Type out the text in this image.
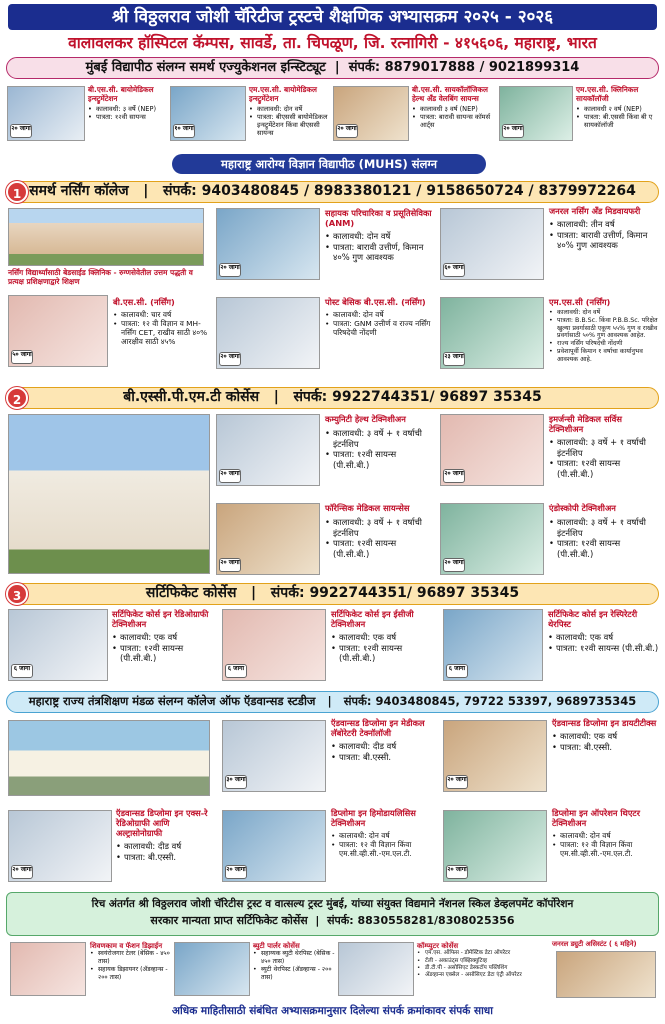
श्री विठ्ठलराव जोशी चॅरिटीज ट्रस्टचे शैक्षणिक अभ्यासक्रम २०२५ - २०२६
वालावलकर हॉस्पिटल कॅम्पस, सावर्डे, ता. चिपळूण, जि. रत्नागिरी - ४१५६०६, महाराष्ट्र, भारत
मुंबई विद्यापीठ संलग्न समर्थ एज्युकेशनल इन्स्टिट्यूट  |  संपर्क: 8879017888 / 9021899314
२० जागा
बी.एस.सी. बायोमेडिकल इन्स्ट्रुमेंटेशन
• कालावधी: ३ वर्षे (NEP)
• पात्रता: १२वी सायन्स
१० जागा
एम.एस.सी. बायोमेडिकल इन्स्ट्रुमेंटेशन
• कालावधी: दोन वर्षे
• पात्रता: बीएससी बायोमेडिकल इन्स्ट्रुमेंटेशन किंवा बीएससी सायन्स
२० जागा
बी.एस.सी. सायकॉलॉजिकल हेल्थ अँड वेलबिंग सायन्स
• कालावधी ३ वर्ष (NEP)
• पात्रता: बारावी सायन्स कॉमर्स आर्ट्स	२० जागा
एम.एस.सी. क्लिनिकल सायकॉलॉजी
• कालावधी २ वर्ष (NEP)
• पात्रता: बी.एससी किंवा बी ए सायकॉलॉजी
महाराष्ट्र आरोग्य विज्ञान विद्यापीठ (MUHS) संलग्न
समर्थ नर्सिंग कॉलेज   |   संपर्क: 9403480845 / 8983380121 / 9158650724 / 8379972264
1
नर्सिंग विद्यार्थ्यांसाठी बेडसाईड क्लिनिक - रुग्णसेवेतील उत्तम पद्धती व प्रत्यक्ष प्रशिक्षणाद्वारे शिक्षण
२० जागा
सहायक परिचारिका व प्रसूतिसेविका (ANM)
• कालावधी: दोन वर्षे
• पात्रता: बारावी उत्तीर्ण, किमान ४०% गुण आवश्यक
६० जागा
जनरल नर्सिंग अँड मिडवायफरी
• कालावधी: तीन वर्ष
• पात्रता: बारावी उत्तीर्ण, किमान ४०% गुण आवश्यक
५० जागा
बी.एस.सी. (नर्सिंग)
• कालावधी: चार वर्ष
• पात्रता: १२ वी विज्ञान व MH-नर्सिंग CET, राखीव साठी ४०% आरक्षीव साठी ४५%
२० जागा
पोस्ट बेसिक बी.एस.सी. (नर्सिंग)
• कालावधी: दोन वर्षे
• पात्रता: GNM उत्तीर्ण व राज्य नर्सिंग परिषदेची नोंदणी
२३ जागा
एम.एस.सी (नर्सिंग)
• कालावधी: दोन वर्षे
• पात्रता: B.B.Sc. किंवा P.B.B.Sc. परिक्षेत खुल्या प्रवर्गासाठी एकूण ५५% गुण व राखीव प्रवर्गासाठी ५०% गुण आवश्यक आहेत.
• राज्य नर्सिंग परिषदेची नोंदणी
• प्रवेशापूर्वी किमान १ वर्षाचा कार्यानुभव आवश्यक आहे.
बी.एस्सी.पी.एम.टी कोर्सेस   |   संपर्क: 9922744351/ 96897 35345
2
२० जागा
कम्युनिटी हेल्थ टेक्निशीअन
• कालावधी: ३ वर्षे + १ वर्षाची इंटर्नशिप
• पात्रता: १२वी सायन्स (पी.सी.बी.)
२० जागा
इमर्जन्सी मेडिकल सर्विस टेक्निशीअन
• कालावधी: ३ वर्षे + १ वर्षाची इंटर्नशिप
• पात्रता: १२वी सायन्स (पी.सी.बी.)
२० जागा
फॉरेन्सिक मेडिकल सायन्सेस
• कालावधी: ३ वर्षे + १ वर्षाची इंटर्नशिप
• पात्रता: १२वी सायन्स (पी.सी.बी.)
२० जागा
एंडोस्कोपी टेक्निशीअन
• कालावधी: ३ वर्षे + १ वर्षाची इंटर्नशिप
• पात्रता: १२वी सायन्स (पी.सी.बी.)
सर्टिफिकेट कोर्सेस   |   संपर्क: 9922744351/ 96897 35345
3
६ जागा
सर्टिफिकेट कोर्स इन रेडिओग्राफी टेक्निशीअन
• कालावधी: एक वर्ष
• पात्रता: १२वी सायन्स (पी.सी.बी.)
६ जागा
सर्टिफिकेट कोर्स इन ईसीजी टेक्निशीअन
• कालावधी: एक वर्ष
• पात्रता: १२वी सायन्स (पी.सी.बी.)
६ जागा
सर्टिफिकेट कोर्स इन रेस्पिरेटरी थेरपिस्ट
• कालावधी: एक वर्ष
• पात्रता: १२वी सायन्स (पी.सी.बी.)
महाराष्ट्र राज्य तंत्रशिक्षण मंडळ संलग्न कॉलेज ऑफ ऍडवान्सड स्टडीज   |   संपर्क: 9403480845, 79722 53397, 9689735345
३० जागा
ऍडवान्सड डिप्लोमा इन मेडीकल लॅबोरेटरी टेक्नॉलॉजी
• कालावधी: दीड वर्ष
• पात्रता: बी.एस्सी.
२० जागा
ऍडवान्सड डिप्लोमा इन डायटीटीक्स
• कालावधी: एक वर्ष
• पात्रता: बी.एस्सी.
२० जागा
ऍडवान्सड डिप्लोमा इन एक्स-रे रेडिओग्राफी आणि अल्ट्रासोनोग्राफी
• कालावधी: दीड वर्ष
• पात्रता: बी.एस्सी.
२० जागा
डिप्लोमा इन हिमोडायलिसिस टेक्निशीअन
• कालावधी: दोन वर्ष
• पात्रता: १२ वी विज्ञान किंवा एम.सी.व्ही.सी.-एम.एल.टी.
२० जागा
डिप्लोमा इन ऑपरेशन थिएटर टेक्निशीअन
• कालावधी: दोन वर्ष
• पात्रता: १२ वी विज्ञान किंवा एम.सी.व्ही.सी.-एम.एल.टी.
रिच अंतर्गत श्री विठ्ठलराव जोशी चॅरिटीस ट्रस्ट व वात्सल्य ट्रस्ट मुंबई, यांच्या संयुक्त विद्यमाने नॅशनल स्किल डेव्हलपमेंट कॉर्पोरेशन
सरकार मान्यता प्राप्त सर्टिफिकेट कोर्सेस  |  संपर्क: 8830558281/8308025356
शिवणकाम व फॅशन डिझाईन
• स्वयंरोजगार टेलर (बेसिक - ४५० तास)
• सहायक डिझायनर (ॲडव्हान्स - २०० तास)
ब्युटी पार्लर कोर्सेस
• सहाय्यक ब्युटी थेरपिस्ट (बेसिक - ४५० तास)
• ब्युटी थेरपिस्ट (ॲडव्हान्स - २०० तास)
कॉम्प्युटर कोर्सेस
• एम.एस. ऑफिस - डोमेस्टिक डेटा ऑपरेटर
• टॅली - अकाउंट्स एक्झिक्युटिव्ह
• डी.टी.पी - असोसिएट डेस्कटॉप पब्लिशिंग
• ॲडव्हान्स एक्सेल - असोसिएट डेटा एंट्री ऑपरेटर
जनरल ड्युटी असिस्टंट ( ६ महिने)
अधिक माहितीसाठी संबंधित अभ्यासक्रमानुसार दिलेल्या संपर्क क्रमांकावर संपर्क साधा
